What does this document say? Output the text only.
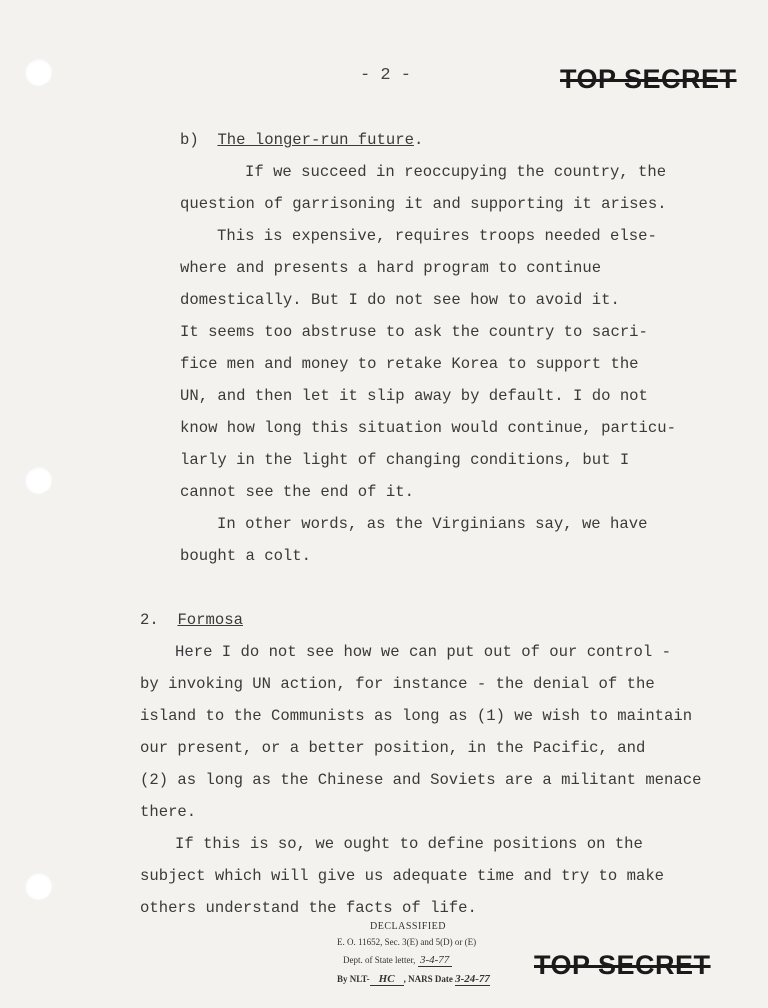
- 2 -	TOP SECRET
b) The longer-run future.
If we succeed in reoccupying the country, the
question of garrisoning it and supporting it arises.
This is expensive, requires troops needed else-
where and presents a hard program to continue
domestically. But I do not see how to avoid it.
It seems too abstruse to ask the country to sacri-
fice men and money to retake Korea to support the
UN, and then let it slip away by default. I do not
know how long this situation would continue, particu-
larly in the light of changing conditions, but I
cannot see the end of it.
In other words, as the Virginians say, we have
bought a colt.
2. Formosa
Here I do not see how we can put out of our control -
by invoking UN action, for instance - the denial of the
island to the Communists as long as (1) we wish to maintain
our present, or a better position, in the Pacific, and
(2) as long as the Chinese and Soviets are a militant menace
there.
If this is so, we ought to define positions on the
subject which will give us adequate time and try to make
others understand the facts of life.
DECLASSIFIED
E. O. 11652, Sec. 3(E) and 5(D) or (E)
Dept. of State letter, 3-4-77
By NLT- HC , NARS Date 3-24-77 TOP SECRET
